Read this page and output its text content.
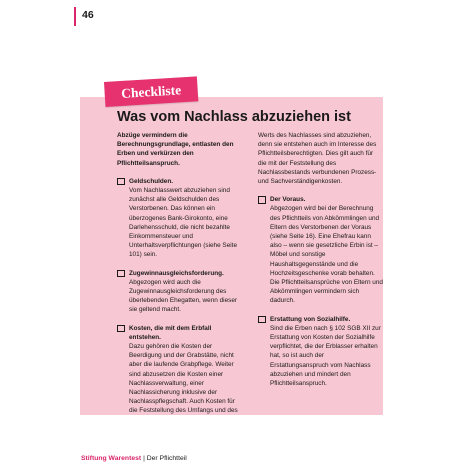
46
Checkliste
Was vom Nachlass abzuziehen ist

Abzüge vermindern die Berechnungsgrundlage, entlasten den Erben und verkürzen den Pflichtteilsanspruch.

Geldschulden.

Vom Nachlasswert abzuziehen sind zunächst alle Geldschulden des Verstorbenen. Das können ein überzogenes Bank-Girokonto, eine Darlehensschuld, die nicht bezahlte Einkommensteuer und Unterhaltsverpflichtungen (siehe Seite 101) sein.

Zugewinnausgleichsforderung.

Abgezogen wird auch die Zugewinnausgleichsforderung des überlebenden Ehegatten, wenn dieser sie geltend macht.

Kosten, die mit dem Erbfall entstehen.

Dazu gehören die Kosten der Beerdigung und der Grabstätte, nicht aber die laufende Grabpflege. Weiter sind abzusetzen die Kosten einer Nachlassverwaltung, einer Nachlassicherung inklusive der Nachlasspflegschaft. Auch Kosten für die Feststellung des Umfangs und des

Werts des Nachlasses sind abzuziehen, denn sie entstehen auch im Interesse des Pflichtteilsberechtigten. Dies gilt auch für die mit der Feststellung des Nachlassbestands verbundenen Prozess- und Sachverständigenkosten.

Der Voraus.

Abgezogen wird bei der Berechnung des Pflichtteils von Abkömmlingen und Eltern des Verstorbenen der Voraus (siehe Seite 16). Eine Ehefrau kann also – wenn sie gesetzliche Erbin ist – Möbel und sonstige Haushaltsgegenstände und die Hochzeitsgeschenke vorab behalten. Die Pflichtteilsansprüche von Eltern und Abkömmlingen vermindern sich dadurch.

Erstattung von Sozialhilfe.

Sind die Erben nach § 102 SGB XII zur Erstattung von Kosten der Sozialhilfe verpflichtet, die der Erblasser erhalten hat, so ist auch der Erstattungsanspruch vom Nachlass abzuziehen und mindert den Pflichtteilsanspruch.

Stiftung Warentest | Der Pflichtteil
